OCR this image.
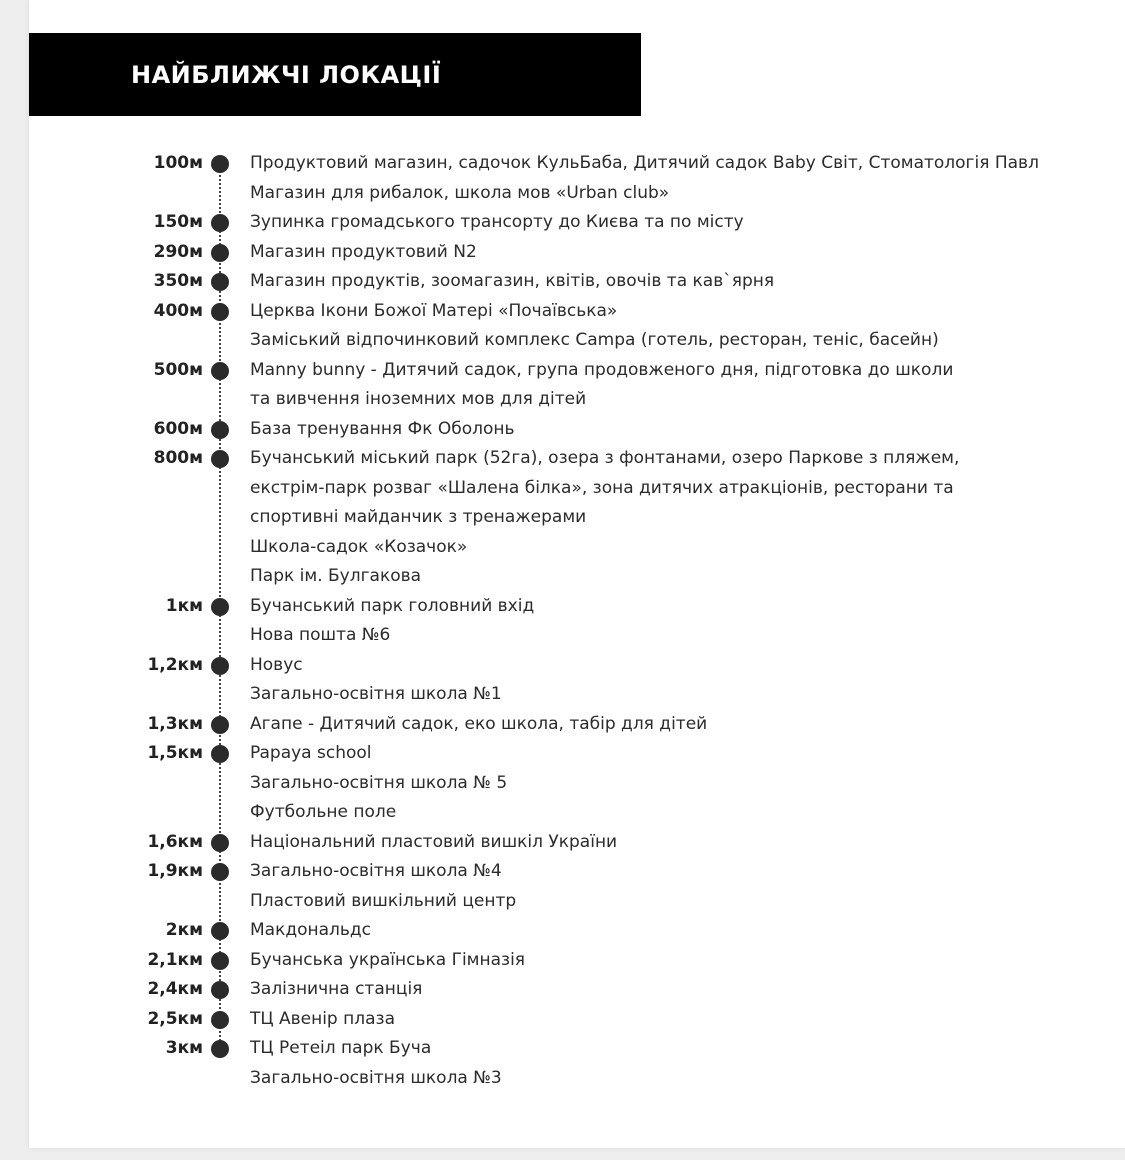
НАЙБЛИЖЧІ ЛОКАЦІЇ
100м	Продуктовий магазин, садочок КульБаба, Дитячий садок Baby Світ, Стоматологія Павл
Магазин для рибалок, школа мов «Urban club»
150м	Зупинка громадського трансорту до Києва та по місту
290м	Магазин продуктовий N2
350м	Магазин продуктів, зоомагазин, квітів, овочів та кав`ярня
400м	Церква Ікони Божої Матері «Почаївська»
Заміський відпочинковий комплекс Campa (готель, ресторан, теніс, басейн)
500м	Manny bunny - Дитячий садок, група продовженого дня, підготовка до школи
та вивчення іноземних мов для дітей
600м	База тренування Фк Оболонь
800м	Бучанський міський парк (52га), озера з фонтанами, озеро Паркове з пляжем,
екстрім-парк розваг «Шалена білка», зона дитячих атракціонів, ресторани та
спортивні майданчик з тренажерами
Школа-садок «Козачок»
Парк ім. Булгакова
1км	Бучанський парк головний вхід
Нова пошта №6
1,2км	Новус
Загально-освітня школа №1
1,3км	Агапе - Дитячий садок, еко школа, табір для дітей
1,5км	Papaya school
Загально-освітня школа № 5
Футбольне поле
1,6км	Національний пластовий вишкіл України
1,9км	Загально-освітня школа №4
Пластовий вишкільний центр
2км	Макдональдс
2,1км	Бучанська українська Гімназія
2,4км	Залізнична станція
2,5км	ТЦ Авенір плаза
3км	ТЦ Ретеіл парк Буча
Загально-освітня школа №3
